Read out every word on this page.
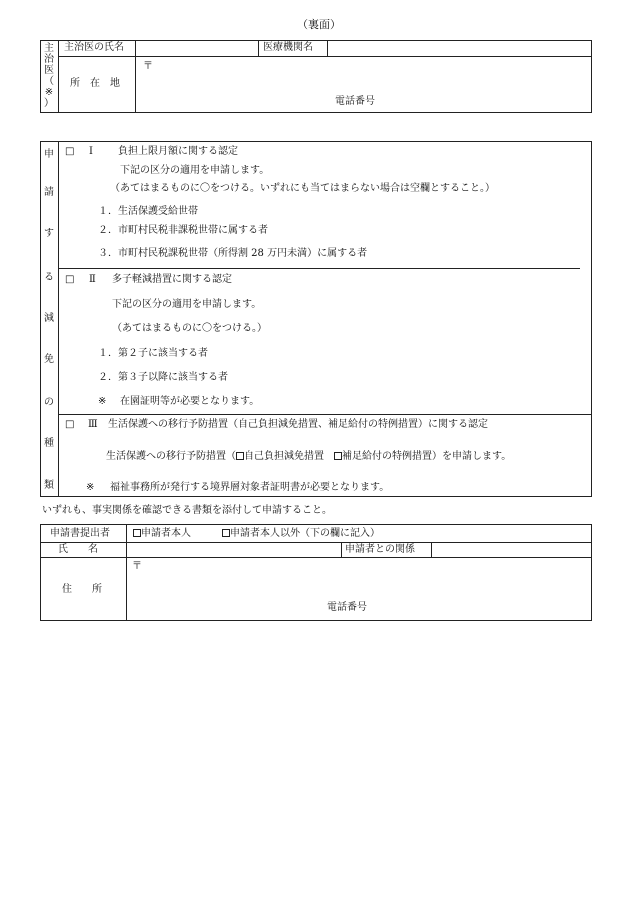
（裏面）
主
治
医
（
※
）
主治医の氏名	医療機関名
所　在　地
〒
電話番号
申
請
す
る
減
免
の
種
類
□ Ⅰ	負担上限月額に関する認定
下記の区分の適用を申請します。
（あてはまるものに〇をつける。いずれにも当てはまらない場合は空欄とすること。）
１．生活保護受給世帯
２．市町村民税非課税世帯に属する者
３．市町村民税課税世帯（所得割 28 万円未満）に属する者
□ Ⅱ 多子軽減措置に関する認定
下記の区分の適用を申請します。
（あてはまるものに〇をつける。）
１．第２子に該当する者
２．第３子以降に該当する者
※ 在園証明等が必要となります。
□ Ⅲ 生活保護への移行予防措置（自己負担減免措置、補足給付の特例措置）に関する認定
生活保護への移行予防措置（ 自己負担減免措置　 補足給付の特例措置）を申請します。
※ 福祉事務所が発行する境界層対象者証明書が必要となります。
いずれも、事実関係を確認できる書類を添付して申請すること。
申請書提出者	申請者本人	申請者本人以外（下の欄に記入）
氏　　名	申請者との関係
住　　所
〒
電話番号
